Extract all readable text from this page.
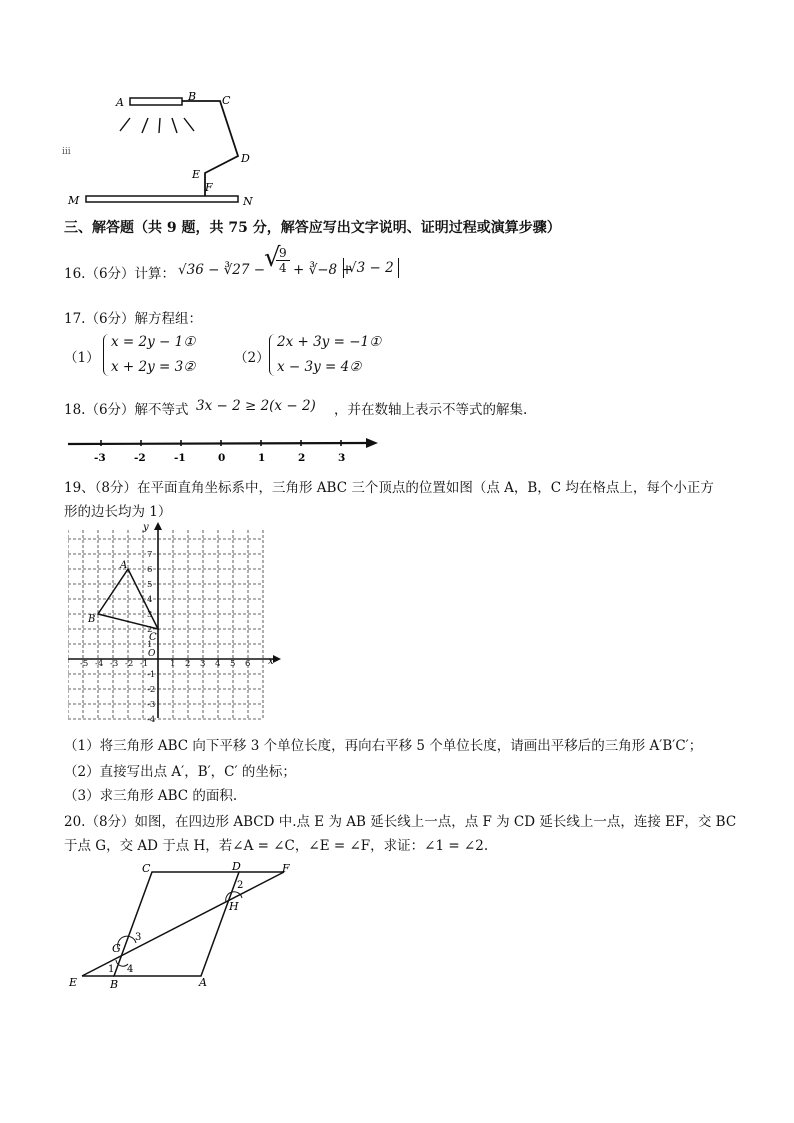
ⅲ
A	B C
D
E
F
M	N
三、解答题（共 9 题，共 75 分，解答应写出文字说明、证明过程或演算步骤）
16.（6分）计算： √36 − ∛27 −
√
9
4 + ∛−8 +
√3 − 2
17.（6分）解方程组：
（1）
x = 2y − 1①
x + 2y = 3②
（2）
2x + 3y = −1①
x − 3y = 4②
18.（6分）解不等式 3x − 2 ≥ 2(x − 2) ，并在数轴上表示不等式的解集.
-3	-2	-1	0	1	2	3
19、（8分）在平面直角坐标系中，三角形 ABC 三个顶点的位置如图（点 A，B，C 均在格点上，每个小正方
形的边长均为 1）
x
y
O
-5 -4 -3 -2 -1	1 2 3 4 5 6
7
6
5
4
3
2
1
-1
-2
-3
-4
A
B
C
（1）将三角形 ABC 向下平移 3 个单位长度，再向右平移 5 个单位长度，请画出平移后的三角形 A′B′C′；
（2）直接写出点 A′，B′，C′ 的坐标；
（3）求三角形 ABC 的面积.
20.（8分）如图，在四边形 ABCD 中.点 E 为 AB 延长线上一点，点 F 为 CD 延长线上一点，连接 EF，交 BC
于点 G，交 AD 于点 H，若∠A = ∠C，∠E = ∠F，求证：∠1 = ∠2.
C	D	F
H
G
E	B	A
1
2
3
4
